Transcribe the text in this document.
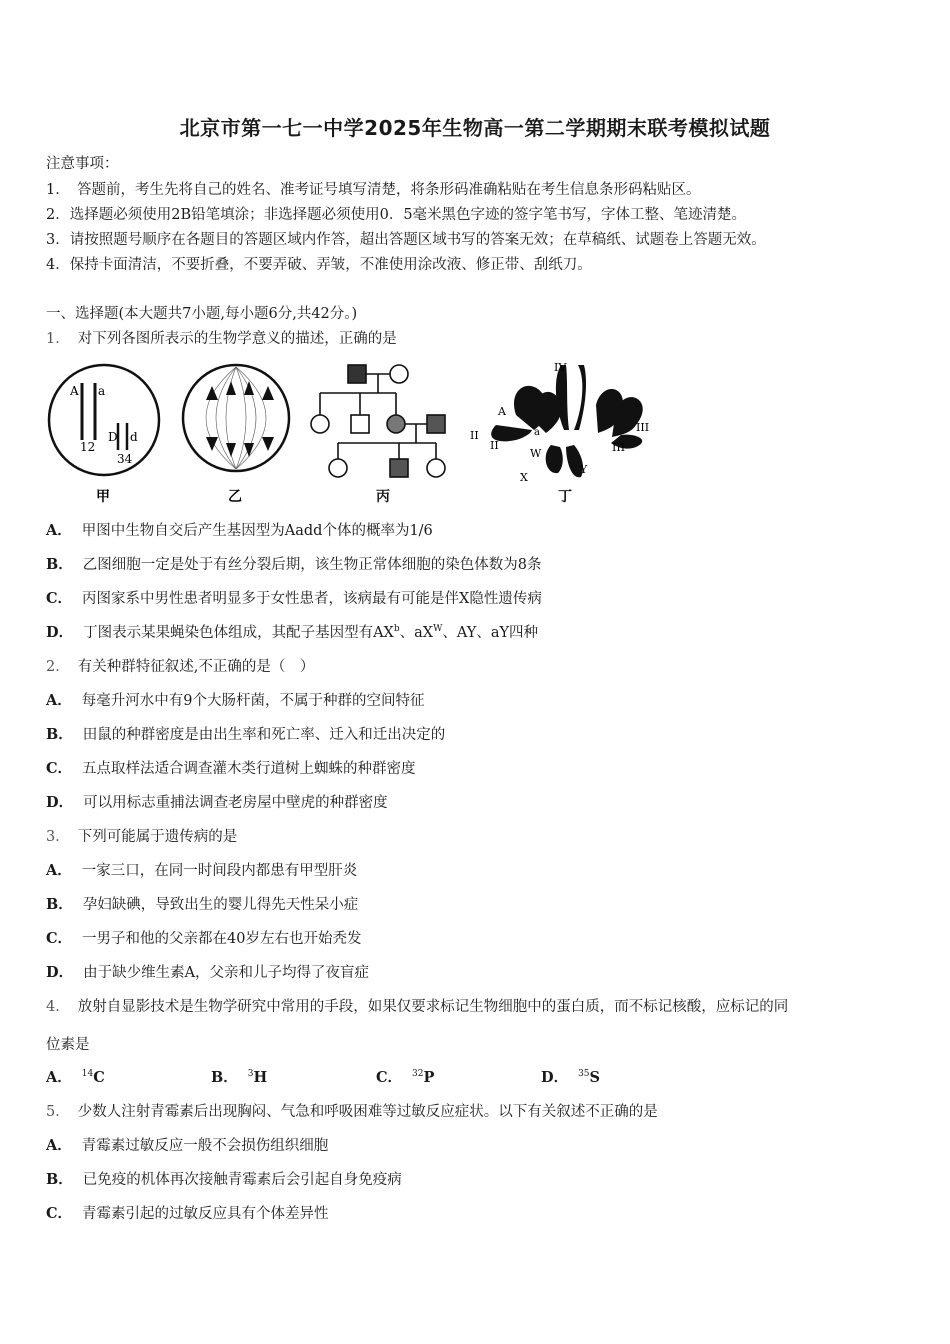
北京市第一七一中学2025年生物高一第二学期期末联考模拟试题
注意事项：
1．　答题前，考生先将自己的姓名、准考证号填写清楚，将条形码准确粘贴在考生信息条形码粘贴区。
2．选择题必须使用2B铅笔填涂；非选择题必须使用0．5毫米黑色字迹的签字笔书写，字体工整、笔迹清楚。
3．请按照题号顺序在各题目的答题区域内作答，超出答题区域书写的答案无效；在草稿纸、试题卷上答题无效。
4．保持卡面清洁，不要折叠，不要弄破、弄皱，不准使用涂改液、修正带、刮纸刀。
一、选择题(本大题共7小题,每小题6分,共42分。)
1． 对下列各图所表示的生物学意义的描述，正确的是
A a
12
D d
34
甲	乙	丙
IV
A
a
II
II
III
III
W
X
Y
丁
A． 甲图中生物自交后产生基因型为Aadd个体的概率为1/6
B． 乙图细胞一定是处于有丝分裂后期，该生物正常体细胞的染色体数为8条
C． 丙图家系中男性患者明显多于女性患者，该病最有可能是伴X隐性遗传病
D． 丁图表示某果蝇染色体组成，其配子基因型有$AX^b$、$aX^W$、AY、aY四种
2． 有关种群特征叙述,不正确的是（　）
A． 每毫升河水中有9个大肠杆菌，不属于种群的空间特征
B． 田鼠的种群密度是由出生率和死亡率、迁入和迁出决定的
C． 五点取样法适合调查灌木类行道树上蜘蛛的种群密度
D． 可以用标志重捕法调查老房屋中壁虎的种群密度
3． 下列可能属于遗传病的是
A． 一家三口，在同一时间段内都患有甲型肝炎
B． 孕妇缺碘，导致出生的婴儿得先天性呆小症
C． 一男子和他的父亲都在40岁左右也开始秃发
D． 由于缺少维生素A，父亲和儿子均得了夜盲症
4． 放射自显影技术是生物学研究中常用的手段，如果仅要求标记生物细胞中的蛋白质，而不标记核酸，应标记的同
位素是
A． $^{14}$C	B． $^3$H	C． $^{32}$P	D． $^{35}$S
5． 少数人注射青霉素后出现胸闷、气急和呼吸困难等过敏反应症状。以下有关叙述不正确的是
A． 青霉素过敏反应一般不会损伤组织细胞
B． 已免疫的机体再次接触青霉素后会引起自身免疫病
C． 青霉素引起的过敏反应具有个体差异性
